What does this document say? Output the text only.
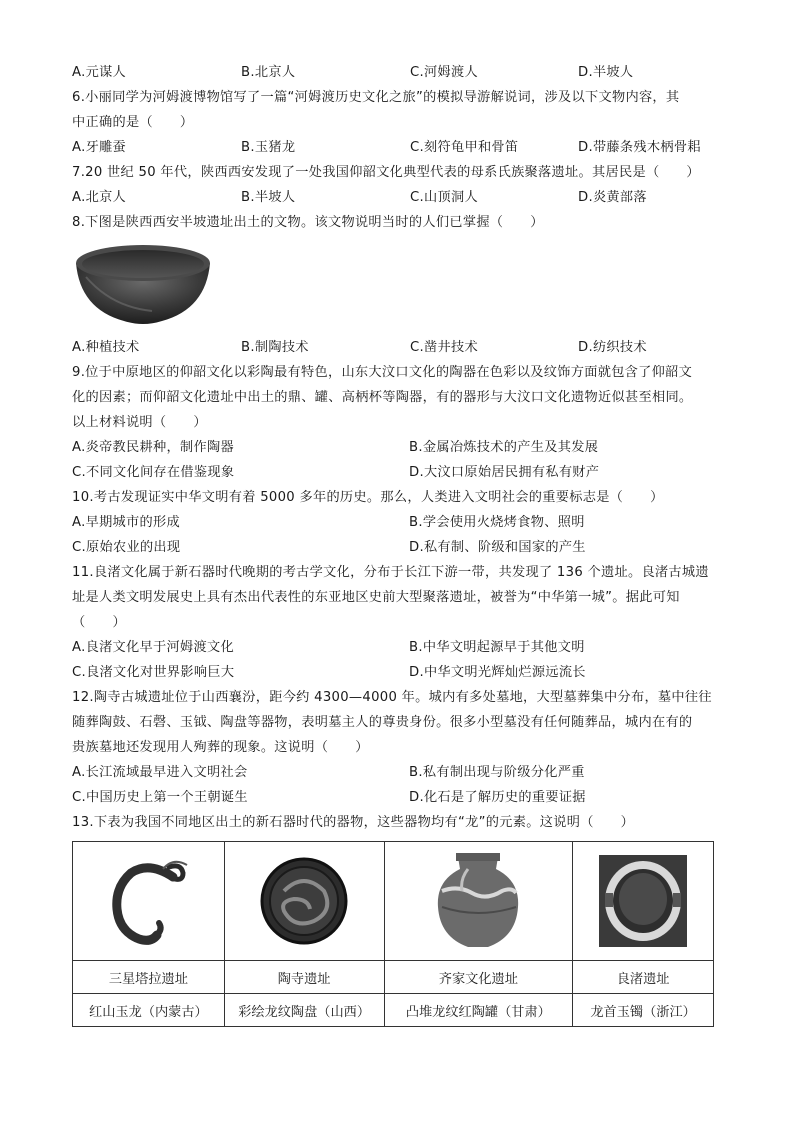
A.元谋人	B.北京人	C.河姆渡人	D.半坡人
6.小丽同学为河姆渡博物馆写了一篇“河姆渡历史文化之旅”的模拟导游解说词，涉及以下文物内容，其
中正确的是（　　）
A.牙雕蚕	B.玉猪龙	C.刻符龟甲和骨笛	D.带藤条残木柄骨耜
7.20 世纪 50 年代，陕西西安发现了一处我国仰韶文化典型代表的母系氏族聚落遗址。其居民是（　　）
A.北京人	B.半坡人	C.山顶洞人	D.炎黄部落
8.下图是陕西西安半坡遗址出土的文物。该文物说明当时的人们已掌握（　　）
A.种植技术	B.制陶技术	C.凿井技术	D.纺织技术
9.位于中原地区的仰韶文化以彩陶最有特色，山东大汶口文化的陶器在色彩以及纹饰方面就包含了仰韶文
化的因素；而仰韶文化遗址中出土的鼎、罐、高柄杯等陶器，有的器形与大汶口文化遗物近似甚至相同。
以上材料说明（　　）
A.炎帝教民耕种，制作陶器	B.金属冶炼技术的产生及其发展
C.不同文化间存在借鉴现象	D.大汶口原始居民拥有私有财产
10.考古发现证实中华文明有着 5000 多年的历史。那么，人类进入文明社会的重要标志是（　　）
A.早期城市的形成	B.学会使用火烧烤食物、照明
C.原始农业的出现	D.私有制、阶级和国家的产生
11.良渚文化属于新石器时代晚期的考古学文化，分布于长江下游一带，共发现了 136 个遗址。良渚古城遗
址是人类文明发展史上具有杰出代表性的东亚地区史前大型聚落遗址，被誉为“中华第一城”。据此可知
（　　）
A.良渚文化早于河姆渡文化	B.中华文明起源早于其他文明
C.良渚文化对世界影响巨大	D.中华文明光辉灿烂源远流长
12.陶寺古城遗址位于山西襄汾，距今约 4300—4000 年。城内有多处墓地，大型墓葬集中分布，墓中往往
随葬陶鼓、石磬、玉钺、陶盘等器物，表明墓主人的尊贵身份。很多小型墓没有任何随葬品，城内在有的
贵族墓地还发现用人殉葬的现象。这说明（　　）
A.长江流域最早进入文明社会	B.私有制出现与阶级分化严重
C.中国历史上第一个王朝诞生	D.化石是了解历史的重要证据
13.下表为我国不同地区出土的新石器时代的器物，这些器物均有“龙”的元素。这说明（　　）

三星塔拉遗址	陶寺遗址	齐家文化遗址	良渚遗址
红山玉龙（内蒙古）	彩绘龙纹陶盘（山西）	凸堆龙纹红陶罐（甘肃）	龙首玉镯（浙江）
